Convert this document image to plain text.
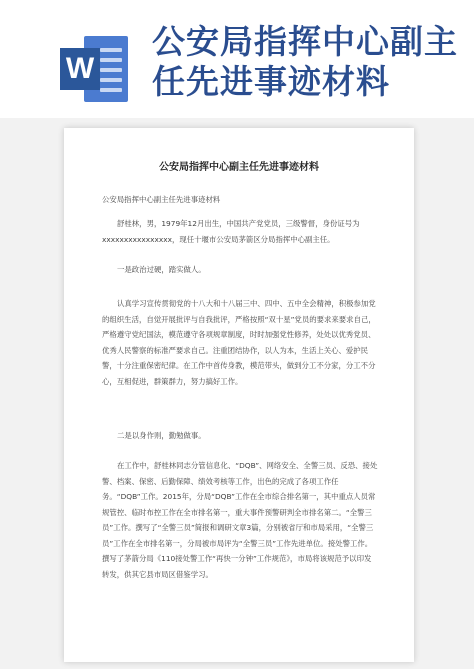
W
公安局指挥中心副主任先进事迹材料
公安局指挥中心副主任先进事迹材料

公安局指挥中心副主任先进事迹材料

舒桂林，男，1979年12月出生，中国共产党党员，三级警督，身份证号为xxxxxxxxxxxxxxxx，现任十堰市公安局茅箭区分局指挥中心副主任。

一是政治过硬，踏实做人。

认真学习宣传贯彻党的十八大和十八届三中、四中、五中全会精神，积极参加党的组织生活，自觉开展批评与自我批评，严格按照“双十星”党员的要求来要求自己，严格遵守党纪国法，模范遵守各项规章制度，时时加强党性修养，处处以优秀党员、优秀人民警察的标准严要求自己。注重团结协作，以人为本，生活上关心、爱护民警，十分注重保密纪律。在工作中首传身教，模范带头，做到分工不分家，分工不分心，互相促进，群策群力，努力搞好工作。

二是以身作则，勤勉做事。

在工作中，舒桂林同志分管信息化、“DQB”、网络安全、全警三员、反恐、接处警、档案、保密、后勤保障、绩效考核等工作，出色的完成了各项工作任务。“DQB”工作。2015年，分局“DQB”工作在全市综合排名第一，其中重点人员常规管控、临时布控工作在全市排名第一，重大事件预警研判全市排名第二。“全警三员”工作。撰写了“全警三员”简报和调研文章3篇，分别被省厅和市局采用，“全警三员”工作在全市排名第一，分局被市局评为“全警三员”工作先进单位。接处警工作。撰写了茅箭分局《110接处警工作“再快一分钟”工作规范》，市局将该规范予以印发转发，供其它县市局区借鉴学习。
